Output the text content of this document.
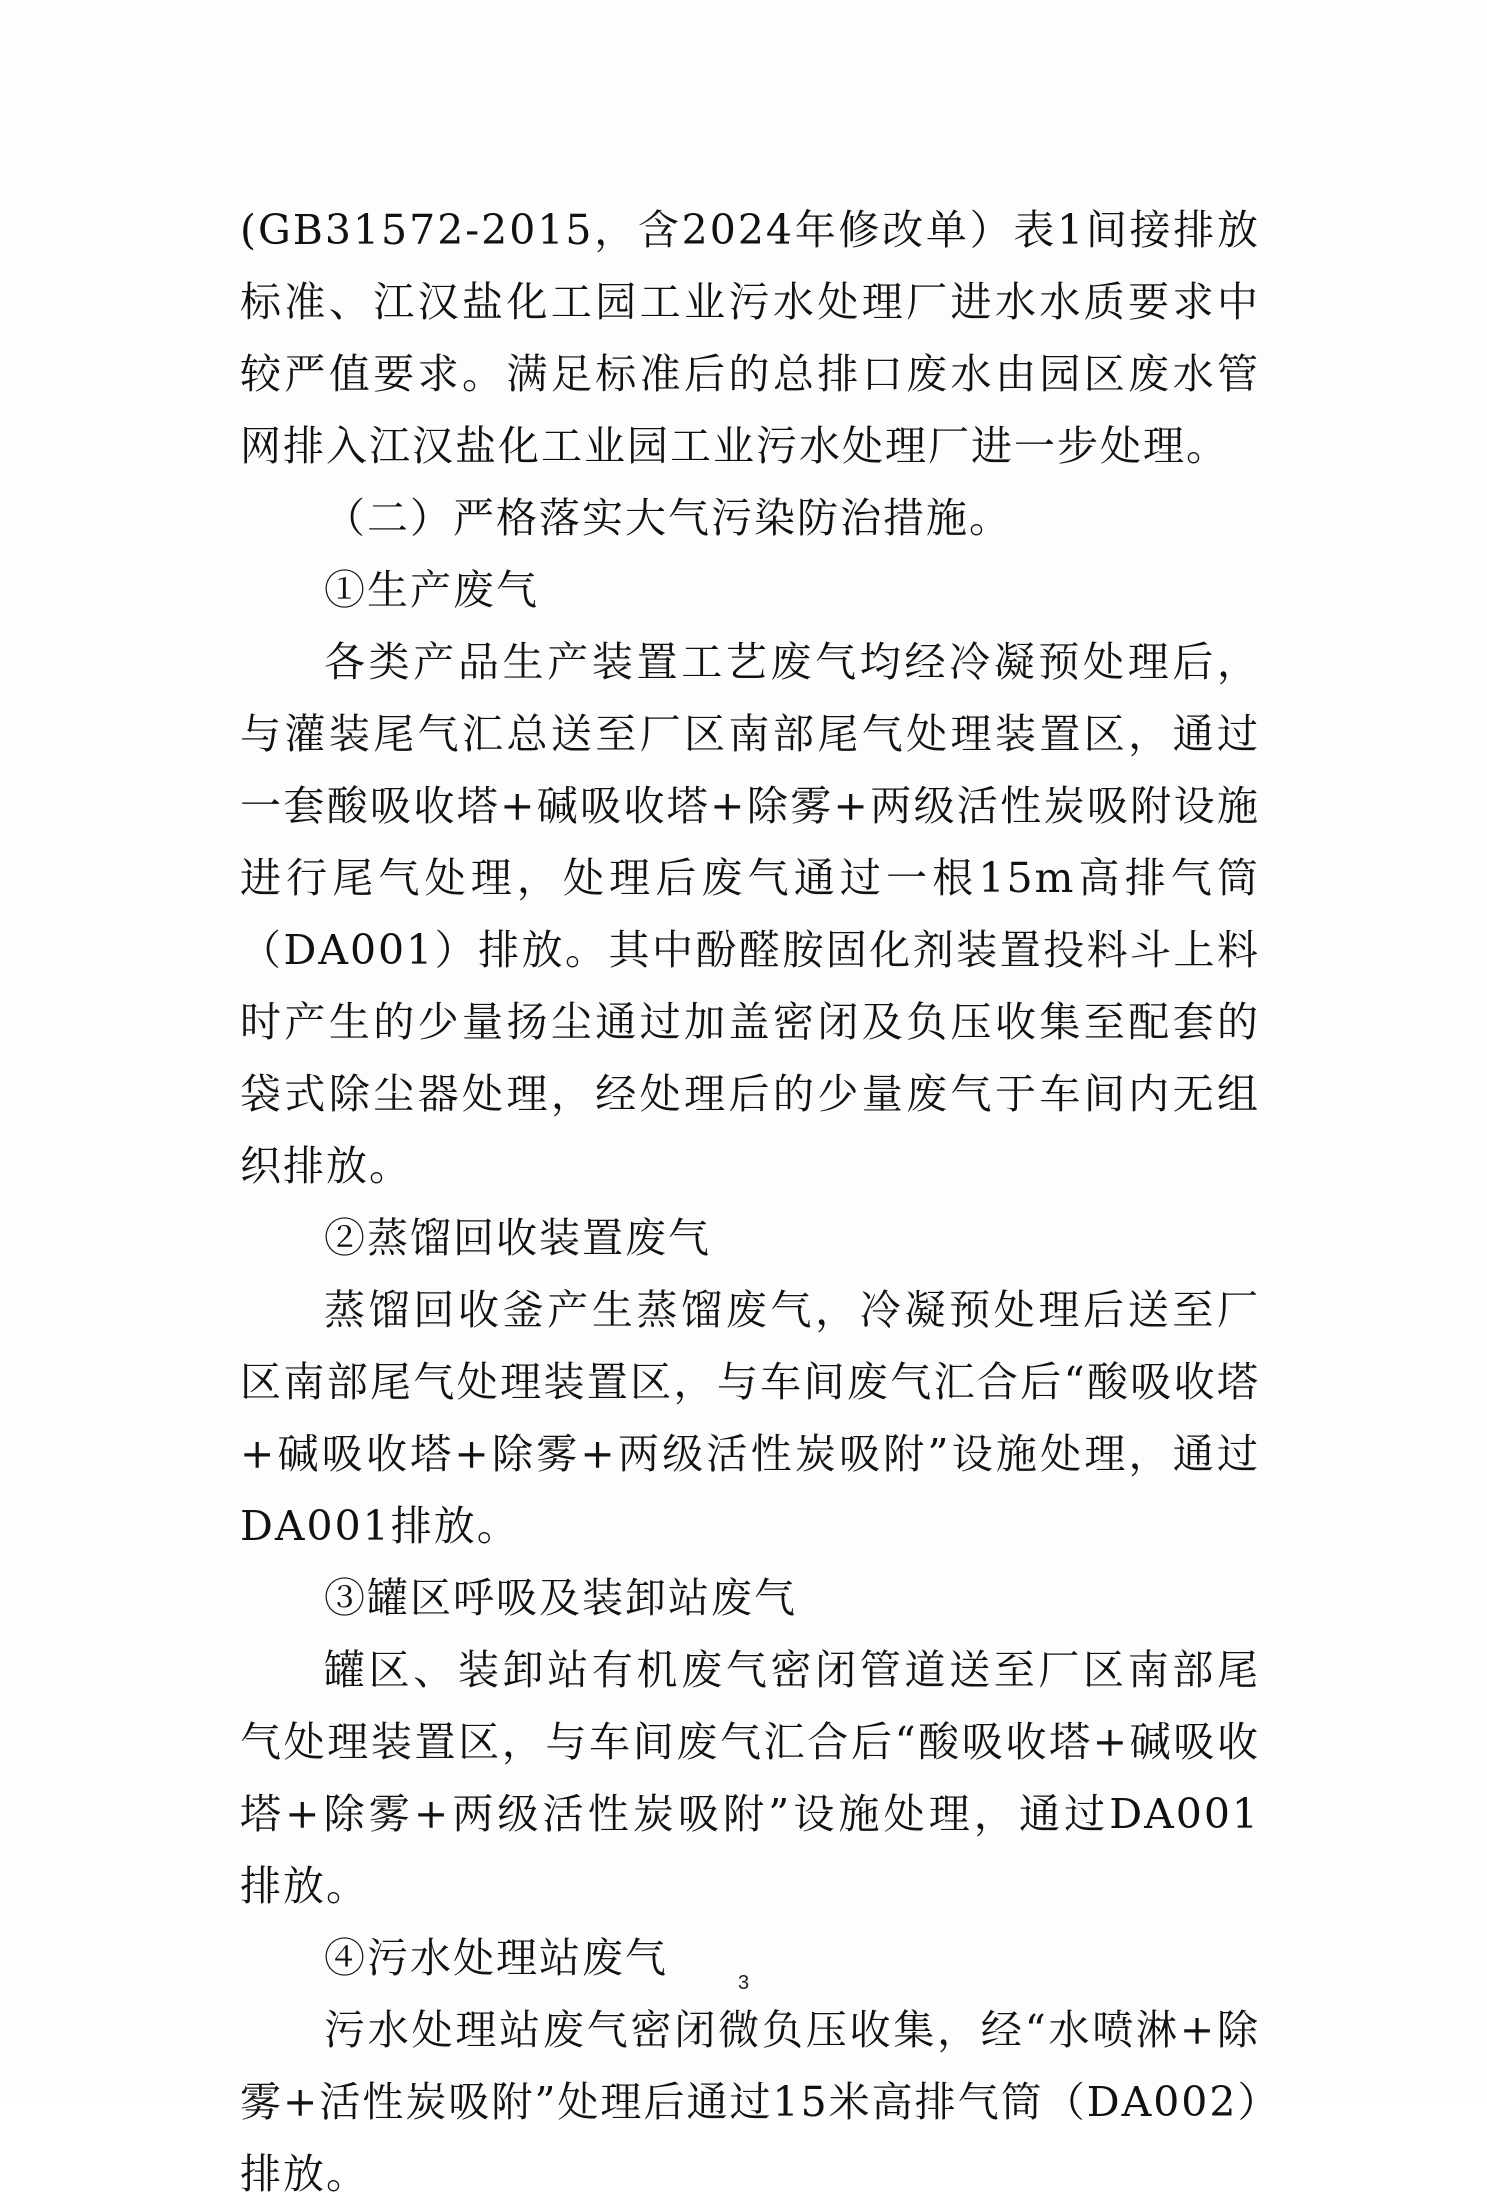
(GB31572-2015，含2024年修改单）表1间接排放标准、江汉盐化工园工业污水处理厂进水水质要求中较严值要求。满足标准后的总排口废水由园区废水管网排入江汉盐化工业园工业污水处理厂进一步处理。

（二）严格落实大气污染防治措施。

①生产废气

各类产品生产装置工艺废气均经冷凝预处理后，与灌装尾气汇总送至厂区南部尾气处理装置区，通过一套酸吸收塔+碱吸收塔+除雾+两级活性炭吸附设施进行尾气处理，处理后废气通过一根15m高排气筒（DA001）排放。其中酚醛胺固化剂装置投料斗上料时产生的少量扬尘通过加盖密闭及负压收集至配套的袋式除尘器处理，经处理后的少量废气于车间内无组织排放。

②蒸馏回收装置废气

蒸馏回收釜产生蒸馏废气，冷凝预处理后送至厂区南部尾气处理装置区，与车间废气汇合后“酸吸收塔+碱吸收塔+除雾+两级活性炭吸附”设施处理，通过DA001排放。

③罐区呼吸及装卸站废气

罐区、装卸站有机废气密闭管道送至厂区南部尾气处理装置区，与车间废气汇合后“酸吸收塔+碱吸收塔+除雾+两级活性炭吸附”设施处理，通过DA001排放。

④污水处理站废气

污水处理站废气密闭微负压收集，经“水喷淋+除雾+活性炭吸附”处理后通过15米高排气筒（DA002）排放。

3
